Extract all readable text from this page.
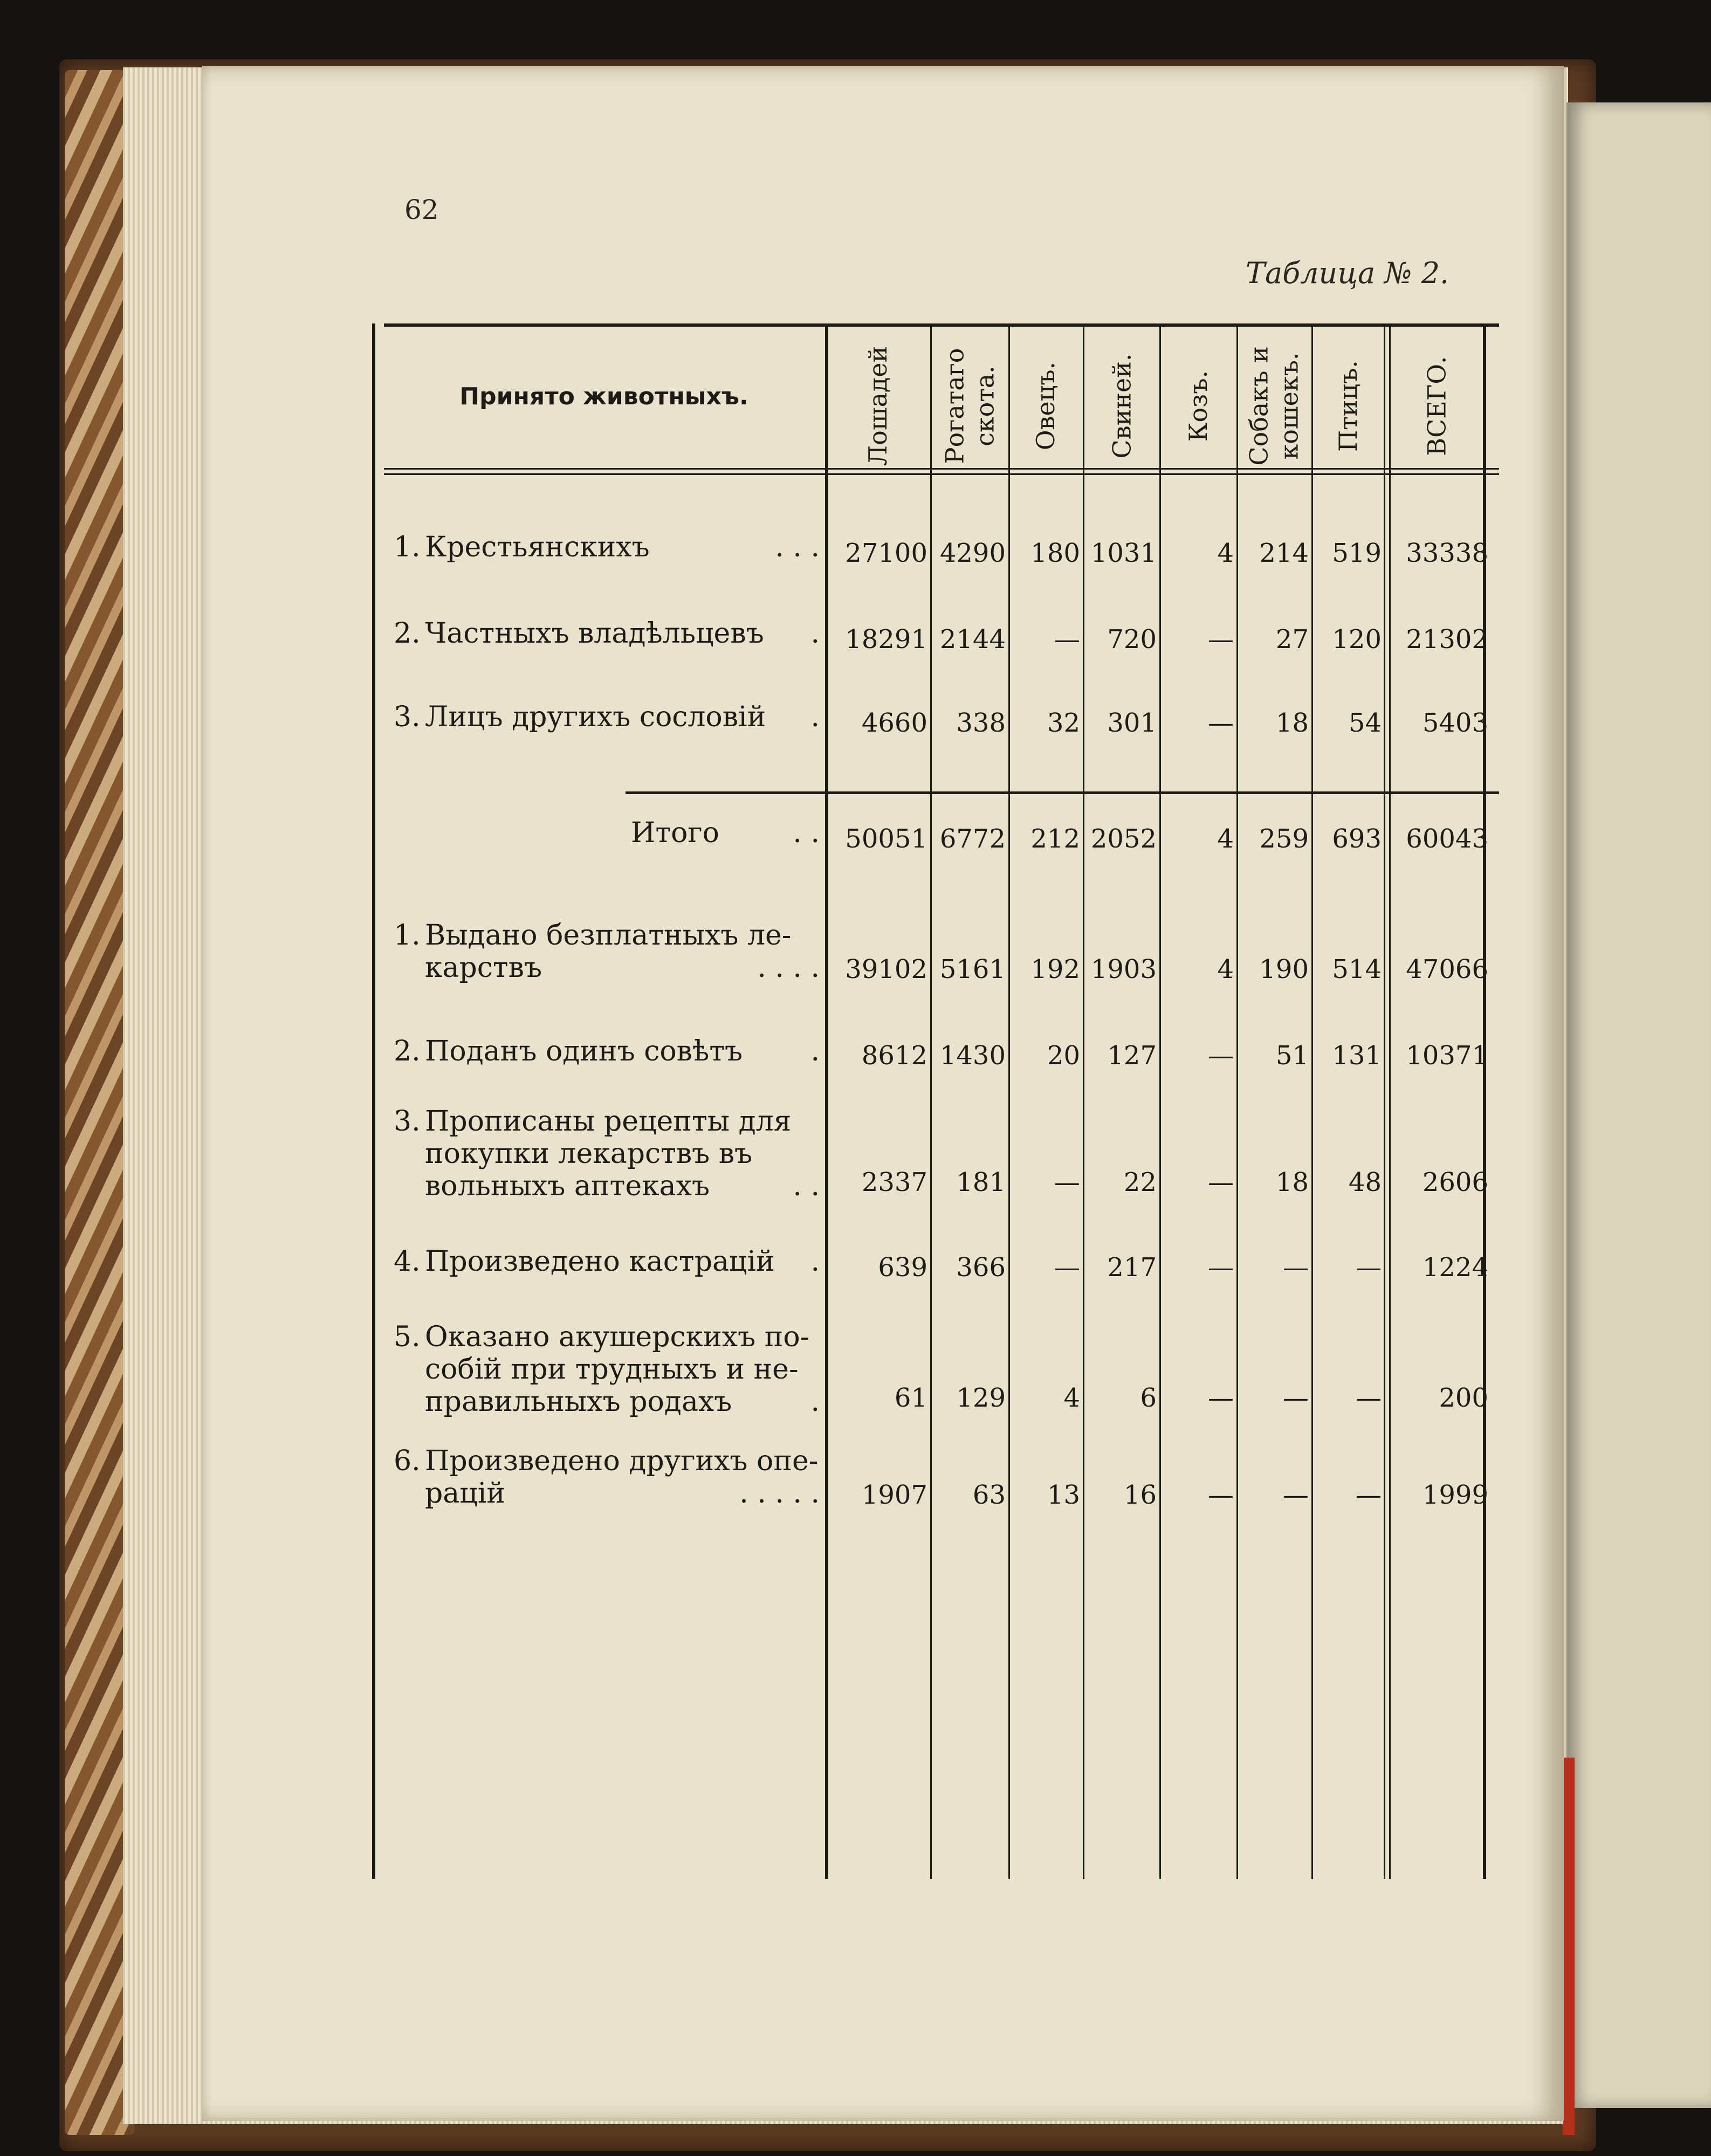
62
Таблица № 2.
Принято животныхъ.	Лошадей Рогатаго скота. Овецъ. Свиней. Козъ. Собакъ и кошекъ. Птицъ. ВСЕГО.
1. Крестьянскихъ	. . . 27100 4290 180 1031 4 214 519 33338
2. Частныхъ владѣльцевъ . 18291 2144 — 720 — 27 120 21302
3. Лицъ другихъ сословій . 4660 338 32 301 — 18 54 5403
Итого	. . 50051 6772 212 2052 4 259 693 60043
1. Выдано безплатныхъ ле-
карствъ	. . . . 39102 5161 192 1903 4 190 514 47066
2. Поданъ одинъ совѣтъ . 8612 1430 20 127 — 51 131 10371
3. Прописаны рецепты для
покупки лекарствъ въ
вольныхъ аптекахъ	. . 2337 181 — 22 — 18 48 2606
4. Произведено кастрацій . 639 366 — 217 — — — 1224
5. Оказано акушерскихъ по-
собій при трудныхъ и не-
правильныхъ родахъ	.	61 129 4 6 — — — 200
6. Произведено другихъ опе-
рацій	. . . . . 1907 63 13 16 — — — 1999
